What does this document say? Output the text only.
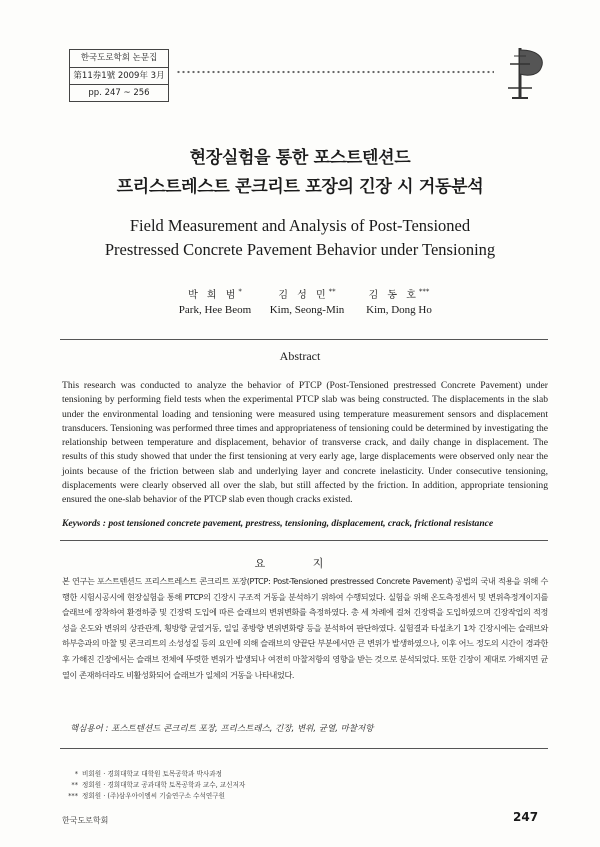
한국도로학회 논문집
第11券1號 2009年 3月
pp. 247 ~ 256
현장실험을 통한 포스트텐션드
프리스트레스트 콘크리트 포장의 긴장 시 거동분석
Field Measurement and Analysis of Post-Tensioned
Prestressed Concrete Pavement Behavior under Tensioning
박 희 범*
Park, Hee Beom
김 성 민**
Kim, Seong-Min
김 동 호***
Kim, Dong Ho
Abstract
This research was conducted to analyze the behavior of PTCP (Post-Tensioned prestressed Concrete Pavement) under tensioning by performing field tests when the experimental PTCP slab was being constructed. The displacements in the slab under the environmental loading and tensioning were measured using temperature measurement sensors and displacement transducers. Tensioning was performed three times and appropriateness of tensioning could be determined by investigating the relationship between temperature and displacement, behavior of transverse crack, and daily change in displacement. The results of this study showed that under the first tensioning at very early age, large displacements were observed only near the joints because of the friction between slab and underlying layer and concrete inelasticity. Under consecutive tensioning, displacements were clearly observed all over the slab, but still affected by the friction. In addition, appropriate tensioning ensured the one-slab behavior of the PTCP slab even though cracks existed.
Keywords : post tensioned concrete pavement, prestress, tensioning, displacement, crack, frictional resistance
요 지
본 연구는 포스트텐션드 프리스트레스트 콘크리트 포장(PTCP: Post-Tensioned prestressed Concrete Pavement) 공법의 국내 적용을 위해 수행한 시험시공시에 현장실험을 통해 PTCP의 긴장시 구조적 거동을 분석하기 위하여 수행되었다. 실험을 위해 온도측정센서 및 변위측정게이지를 슬래브에 장착하여 환경하중 및 긴장력 도입에 따른 슬래브의 변위변화를 측정하였다. 총 세 차례에 걸쳐 긴장력을 도입하였으며 긴장작업의 적정성을 온도와 변위의 상관관계, 횡방향 균열거동, 일일 종방향 변위변화량 등을 분석하여 판단하였다. 실험결과 타설초기 1차 긴장시에는 슬래브와 하부층과의 마찰 및 콘크리트의 소성성질 등의 요인에 의해 슬래브의 양끝단 부분에서만 큰 변위가 발생하였으나, 이후 어느 정도의 시간이 경과한 후 가해진 긴장에서는 슬래브 전체에 뚜렷한 변위가 발생되나 여전히 마찰저항의 영향을 받는 것으로 분석되었다. 또한 긴장이 제대로 가해지면 균열이 존재하더라도 비활성화되어 슬래브가 일체의 거동을 나타내었다.
핵심용어 : 포스트텐션드 콘크리트 포장, 프리스트레스, 긴장, 변위, 균열, 마찰저항
* 비회원 · 경희대학교 대학원 토목공학과 박사과정
** 정회원 · 경희대학교 공과대학 토목공학과 교수, 교신저자
*** 정회원 · (주)삼우아이엠씨 기술연구소 수석연구원
한국도로학회	247
